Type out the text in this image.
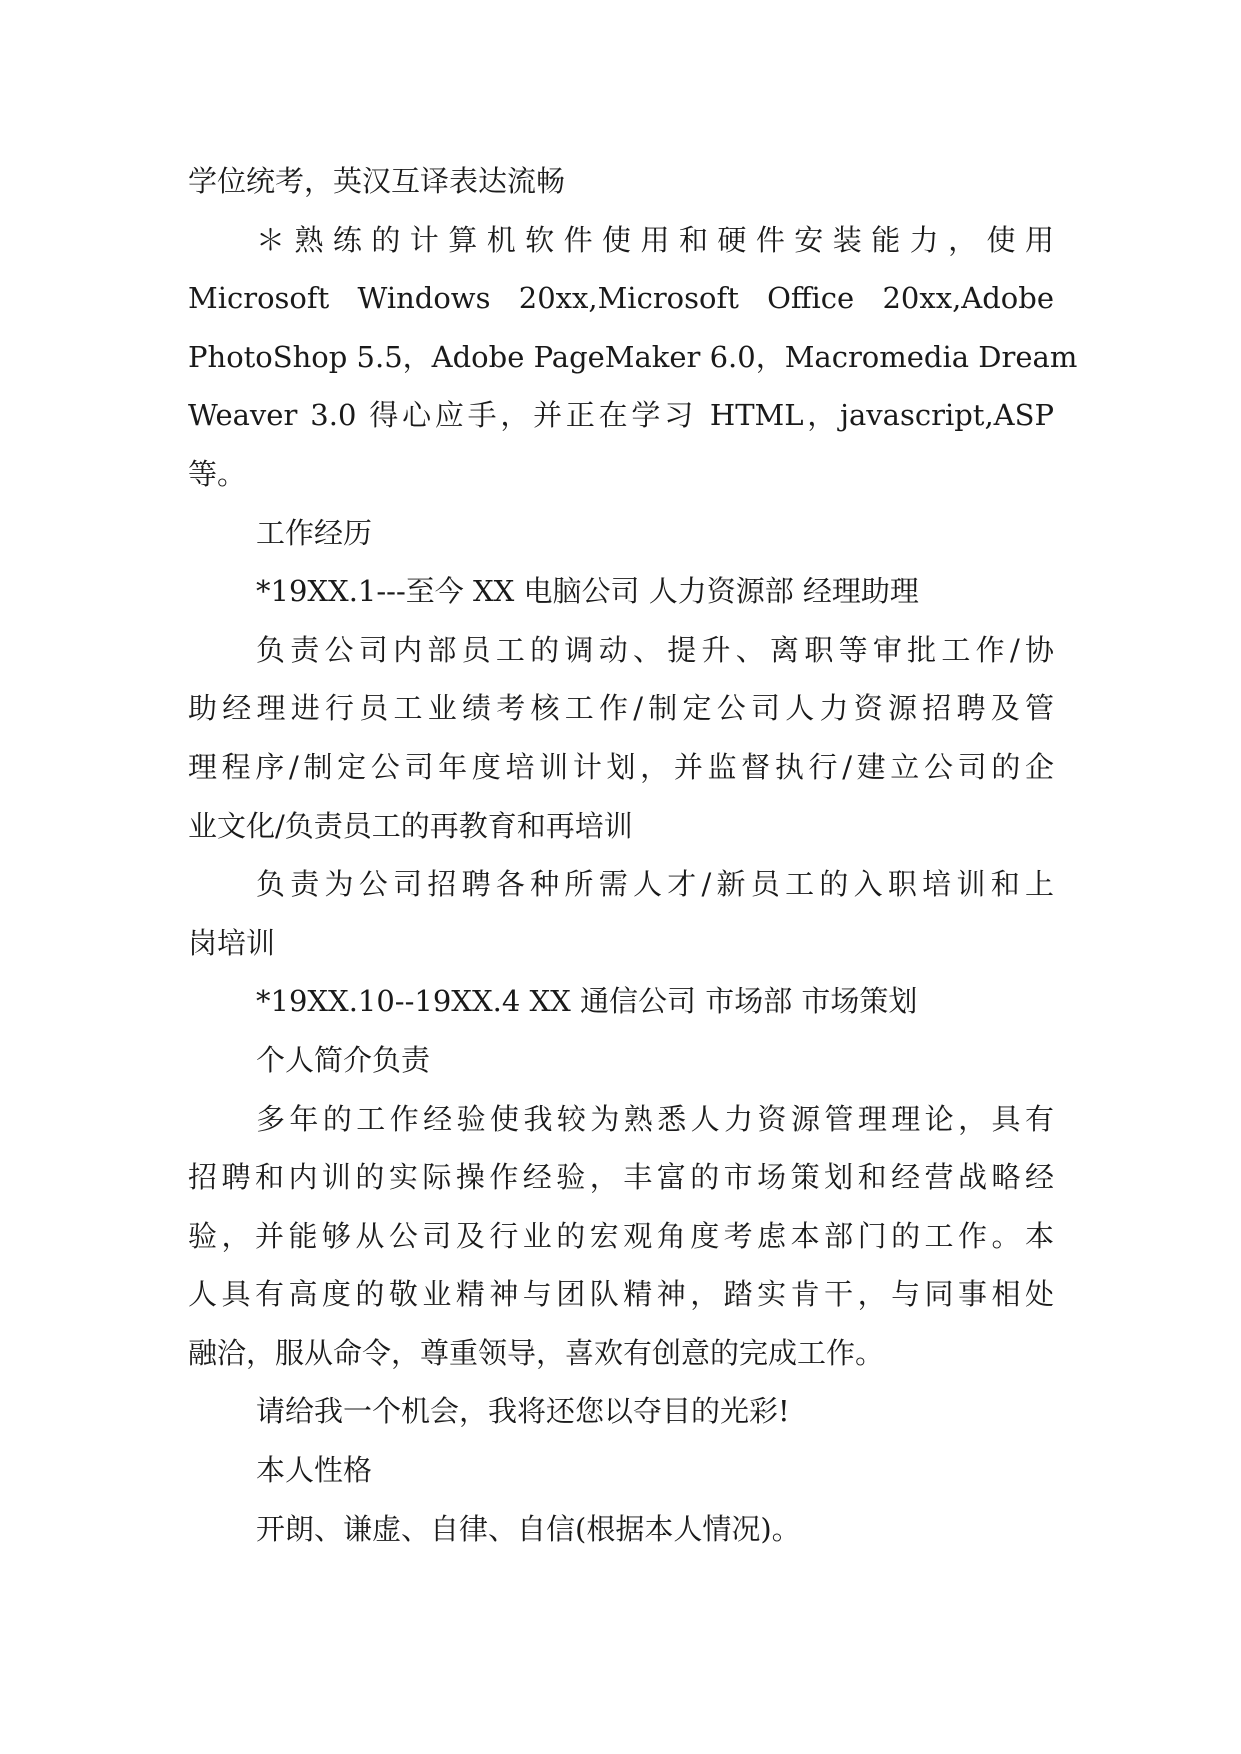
学位统考，英汉互译表达流畅
＊熟练的计算机软件使用和硬件安装能力，使用
Microsoft Windows 20xx,Microsoft Office 20xx,Adobe
PhotoShop 5.5，Adobe PageMaker 6.0，Macromedia Dream
Weaver 3.0 得心应手，并正在学习 HTML，javascript,ASP
等。
工作经历
*19XX.1---至今 XX 电脑公司 人力资源部 经理助理
负责公司内部员工的调动、提升、离职等审批工作/协
助经理进行员工业绩考核工作/制定公司人力资源招聘及管
理程序/制定公司年度培训计划，并监督执行/建立公司的企
业文化/负责员工的再教育和再培训
负责为公司招聘各种所需人才/新员工的入职培训和上
岗培训
*19XX.10--19XX.4 XX 通信公司 市场部 市场策划
个人简介负责
多年的工作经验使我较为熟悉人力资源管理理论，具有
招聘和内训的实际操作经验，丰富的市场策划和经营战略经
验，并能够从公司及行业的宏观角度考虑本部门的工作。本
人具有高度的敬业精神与团队精神，踏实肯干，与同事相处
融洽，服从命令，尊重领导，喜欢有创意的完成工作。
请给我一个机会，我将还您以夺目的光彩!
本人性格
开朗、谦虚、自律、自信(根据本人情况)。
